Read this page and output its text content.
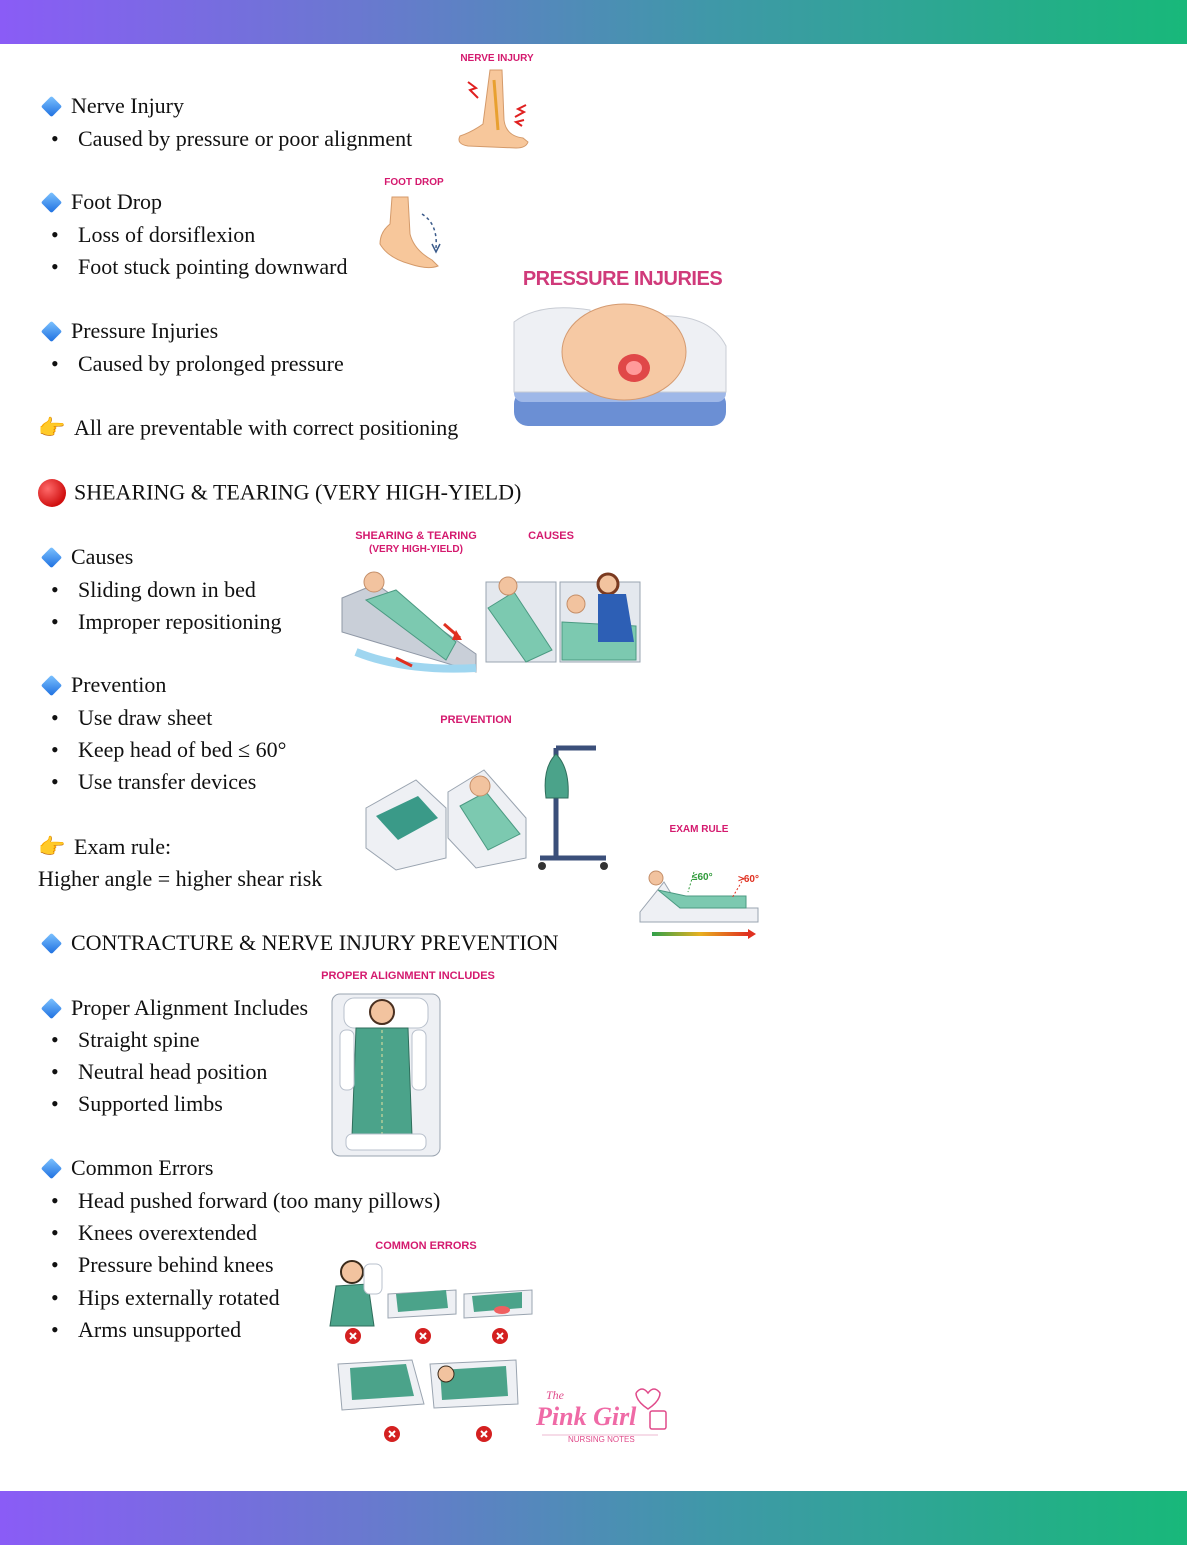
Nerve Injury
• Caused by pressure or poor alignment
NERVE INJURY
Foot Drop
• Loss of dorsiflexion
• Foot stuck pointing downward
FOOT DROP
Pressure Injuries
• Caused by prolonged pressure
PRESSURE INJURIES
👉 All are preventable with correct positioning
SHEARING & TEARING (VERY HIGH-YIELD)
Causes
• Sliding down in bed
• Improper repositioning
SHEARING & TEARING
(VERY HIGH-YIELD)
CAUSES
Prevention
• Use draw sheet
• Keep head of bed ≤ 60°
• Use transfer devices
PREVENTION
👉 Exam rule:
Higher angle = higher shear risk
EXAM RULE
≤60°	>60°
CONTRACTURE & NERVE INJURY PREVENTION
Proper Alignment Includes
• Straight spine
• Neutral head position
• Supported limbs
PROPER ALIGNMENT INCLUDES
Common Errors
• Head pushed forward (too many pillows)
• Knees overextended
• Pressure behind knees
• Hips externally rotated
• Arms unsupported
COMMON ERRORS
The
Pink Girl
NURSING NOTES
